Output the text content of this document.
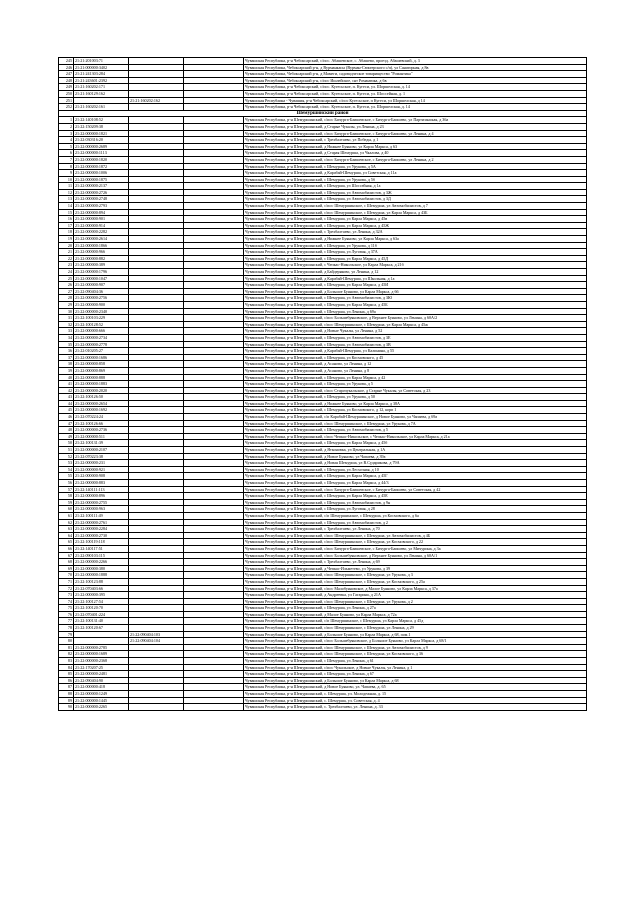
245	21:21:201003:71			Чувашская Республика, р-н Чебоксарский, с/пос. Абашевское, с. Абашево, проезд. Абашевский, д. 3
246	21:21:000000:3402			Чувашская Республика, Чебоксарский р-н, д Вурманкасы (Вурман-Сюктерского с/п), ул Санаторная, д 8в
247	21:21:241303:284			Чувашская Республика, Чебоксарский р-н, д Мамеги, садоводческое товарищество "Романтика"
248	21:21:243601:2392			Чувашская Республика, Чебоксарский р-н, с/пос Ишлейское, снт Романтика, д 6в
249	21:21:160202:171			Чувашская Республика, р-н Чебоксарский, с/пос. Кугесьское, п. Кугеси, ул. Шоршелская, д. 14
250	21:21:160129:162			Чувашская Республика, р-н Чебоксарский, с/пос. Кугесьское, п. Кугеси, ул. Шоссейная, д. 1
251		21:21:160202:162		Чувашская Республика - Чувашия, р-н Чебоксарский, с/пос Кугесьское, п Кугеси, ул Шоршелская, д 14
252	21:21:160202:161			Чувашская Республика, р-н Чебоксарский, с/пос. Кугесьское, п. Кугеси, ул. Шоршелская, д. 14
Шемуршинский район				
1	21:22:140108:52			Чувашская Республика, р-н Шемуршинский, с/пос Бичурга-Баишевское, с Бичурга-Баишево, ул Партизанская, д 36а
2	21:22:150209:38			Чувашская Республика, р-н Шемуршинский, д Старые Чукалы, ул Ленина, д 23
3	21:22:000000:1821			Чувашская Республика, р-н Шемуршинский, с/пос Бичурга-Баишевское, с Бичурга-Баишево, ул Ленина, д 4
4	21:22:030316:20			Чувашская Республика, р-н Шемуршинский, с Трехбалтаево, ул Победы, д 1
5	21:22:000000:2689			Чувашская Республика, р-н Шемуршинский, д Нижнее Буяново, ул Карла Маркса, д 63
6	21:22:000000:1113			Чувашская Республика, р-н Шемуршинский, д Старая Шемурша, ул Чкалова, д 40
7	21:22:000000:1820			Чувашская Республика, р-н Шемуршинский, с/пос Бичурга-Баишевское, с Бичурга-Баишево, ул Ленина, д 2
8	21:22:000000:1872			Чувашская Республика, р-н Шемуршинский, с Шемурша, ул Урукова, д 5А
9	21:22:000000:1006			Чувашская Республика, р-н Шемуршинский, д Карабай-Шемурша, ул Советская, д 11а
10	21:22:000000:1875			Чувашская Республика, р-н Шемуршинский, с Шемурша, ул Урукова, д 5б
11	21:22:000000:2137			Чувашская Республика, р-н Шемуршинский, с Шемурша, ул Шоссейная, д 1а
12	21:22:000000:2726			Чувашская Республика, р-н Шемуршинский, с Шемурша, ул Автомобилистов, д 3Ж
13	21:22:000000:2748			Чувашская Республика, р-н Шемуршинский, с Шемурша, ул Автомобилистов, д 3Д
14	21:22:000000:2793			Чувашская Республика, р-н Шемуршинский, с/пос Шемуршинское, с Шемурша, ул Автомобилистов, д 7
15	21:22:000000:894			Чувашская Республика, р-н Шемуршинский, с/пос Шемуршинское, с Шемурша, ул Карла Маркса, д 43Б
16	21:22:000000:901			Чувашская Республика, р-н Шемуршинский, с Шемурша, ул Карла Маркса, д 45в
17	21:22:000000:914			Чувашская Республика, р-н Шемуршинский, с Шемурша, ул Карла Маркса, д 45Ж
18	21:22:000000:2282			Чувашская Республика, р-н Шемуршинский, с Трехбалтаево, ул Ленина, д 32А
19	21:22:000000:2614			Чувашская Республика, р-н Шемуршинский, д Нижнее Буяново, ул Карла Маркса, д 63а
20	21:22:000000:1866			Чувашская Республика, р-н Шемуршинский, с Шемурша, ул Урукова, д 11б
21	21:22:000000:966			Чувашская Республика, р-н Шемуршинский, с Шемурша, ул Луговая, д 37А
22	21:22:000000:882			Чувашская Республика, р-н Шемуршинский, с Шемурша, ул Карла Маркса, д 45Д
23	21:22:000000:389			Чувашская Республика, р-н Шемуршинский, с Чепкас-Никольское, ул Карла Маркса, д 21б
24	21:22:000000:1796			Чувашская Республика, р-н Шемуршинский, д Байдеряково, ул Ленина, д 12
25	21:22:000000:1047			Чувашская Республика, р-н Шемуршинский, д Карабай-Шемурша, ул Школьная, д 1а
26	21:22:000000:907			Чувашская Республика, р-н Шемуршинский, с Шемурша, ул Карла Маркса, д 45И
27	21:22:090404:36			Чувашская Республика, р-н Шемуршинский, д Большое Буяново, ул Карла Маркса, д 66
28	21:22:000000:2756			Чувашская Республика, р-н Шемуршинский, с Шемурша, ул Автомобилистов, д 3Ю
29	21:22:000000:900			Чувашская Республика, р-н Шемуршинский, с Шемурша, ул Карла Маркса, д 45Б
30	21:22:000000:2340			Чувашская Республика, р-н Шемуршинский, с Шемурша, ул Ленина, д 69а
31	21:22:100103:229			Чувашская Республика, р-н Шемуршинский, с/пос Большебуяновское, д Верхнее Буяново, ул Ленина, д 60А/2
32	21:22:100128:52			Чувашская Республика, р-н Шемуршинский, с/пос Шемуршинское, с Шемурша, ул Карла Маркса, д 45ж
33	21:22:000000:666			Чувашская Республика, р-н Шемуршинский, д Новые Чукалы, ул Ленина, д 52
34	21:22:000000:2734			Чувашская Республика, р-н Шемуршинский, с Шемурша, ул Автомобилистов, д 3Е
35	21:22:000000:2778			Чувашская Республика, р-н Шемуршинский, с Шемурша, ул Автомобилистов, д 3В
36	21:22:010205:27			Чувашская Республика, р-н Шемуршинский, д Карабай-Шемурша, ул Калинина, д 55
37	21:22:000000:1686			Чувашская Республика, р-н Шемуршинский, с Шемурша, ул Космовского, д 45
38	21:22:000000:858			Чувашская Республика, р-н Шемуршинский, д Асаново, ул Ленина, д 12
39	21:22:000000:869			Чувашская Республика, р-н Шемуршинский, д Асаново, ул Ленина, д 8
40	21:22:000000:888			Чувашская Республика, р-н Шемуршинский, с Шемурша, ул Карла Маркса, д 42
41	21:22:000000:1883			Чувашская Республика, р-н Шемуршинский, с Шемурша, ул Урукова, д 5
42	21:22:000000:2020			Чувашская Республика, р-н Шемуршинский, с/пос Старочукальское, д Старые Чукалы, ул Советская, д 23
43	21:22:100126:50			Чувашская Республика, р-н Шемуршинский, с Шемурша, ул Урукова, д 50
44	21:22:000000:2654			Чувашская Республика, р-н Шемуршинский, д Нижнее Буяново, ул Карла Маркса, д 38А
45	21:22:000000:1692			Чувашская Республика, р-н Шемуршинский, с Шемурша, ул Космовского, д 12, корп 1
46	21:22:070224:24			Чувашская Республика, р-н Шемуршинский, с/п Карабай-Шемуршинское, д Новое Буяново, ул Чапаева, д 69а
47	21:22:100126:66			Чувашская Республика, р-н Шемуршинский, с/пос Шемуршинское, с Шемурша, ул Урукова, д 7А
48	21:22:000000:2736			Чувашская Республика, р-н Шемуршинский, с Шемурша, ул Автомобилистов, д 5
49	21:22:000000:511			Чувашская Республика, р-н Шемуршинский, с/пос Чепкас-Никольское, с Чепкас-Никольское, ул Карла Маркса, д 21а
50	21:22:100131:39			Чувашская Республика, р-н Шемуршинский, с Шемурша, ул Карла Маркса, д 45б
51	21:22:000000:2107			Чувашская Республика, р-н Шемуршинский, д Ятконовка, ул Центральная, д 1А
52	21:22:070223:38			Чувашская Республика, р-н Шемуршинский, д Новое Буяново, ул Чапаева, д 39а
53	21:22:000000:231			Чувашская Республика, р-н Шемуршинский, д Новая Шемурша, ул В.Сударикова, д 79А
54	21:22:000000:921			Чувашская Республика, р-н Шемуршинский, с Шемурша, ул Лесхозная, д 10
55	21:22:000000:908			Чувашская Республика, р-н Шемуршинский, с Шемурша, ул Карла Маркса, д 45Г
56	21:22:000000:883			Чувашская Республика, р-н Шемуршинский, с Шемурша, ул Карла Маркса, д 44/3
57	21:22:140111:113			Чувашская Республика, р-н Шемуршинский, с/пос Бичурга-Баишевское, с Бичурга-Баишево, ул Советская, д 42
58	21:22:000000:896			Чувашская Республика, р-н Шемуршинский, с Шемурша, ул Карла Маркса, д 45Е
59	21:22:000000:2755			Чувашская Республика, р-н Шемуршинский, с Шемурша, ул Автомобилистов, д 9н
60	21:22:000000:963			Чувашская Республика, р-н Шемуршинский, с Шемурша, ул Луговая, д 28
61	21:22:100111:49			Чувашская Республика, р-н Шемуршинский, с/п Шемуршинское, с Шемурша, ул Космовского, д 6а
62	21:22:000000:2761			Чувашская Республика, р-н Шемуршинский, с Шемурша, ул Автомобилистов, д 2
63	21:22:000000:2284			Чувашская Республика, р-н Шемуршинский, с Трехбалтаево, ул Ленина, д 70
64	21:22:000000:2730			Чувашская Республика, р-н Шемуршинский, с/пос Шемуршинское, с Шемурша, ул Автомобилистов, д 4Б
65	21:22:100119:118			Чувашская Республика, р-н Шемуршинский, с/пос Шемуршинское, с Шемурша, ул Космовского, д 22
66	21:22:140117:51			Чувашская Республика, р-н Шемуршинский, с/пос Бичурга-Баишевское, с Бичурга-Баишево, ул Мичурина, д 3а
67	21:22:090103:115			Чувашская Республика, р-н Шемуршинский, с/пос Большебуяновское, д Верхнее Буяново, ул Ленина, д 60А/1
68	21:22:000000:2266			Чувашская Республика, р-н Шемуршинский, с Трехбалтаево, ул Ленина, д 69
69	21:22:000000:380			Чувашская Республика, р-н Шемуршинский, д Чепкас-Ильметево, ул Урукова, д 39
70	21:22:000000:1888			Чувашская Республика, р-н Шемуршинский, с/пос Шемуршинское, с Шемурша, ул Урукова, д 3
71	21:22:100123:88			Чувашская Республика, р-н Шемуршинский, с/пос Шемуршинское, с Шемурша, ул Космовского, д 25а
72	21:22:070403:66			Чувашская Республика, р-н Шемуршинский, с/пос Малобуяновское, д Малое Буяново, ул Карла Маркса, д 37а
73	21:22:000000:395			Чувашская Республика, р-н Шемуршинский, д Андреевка, ул Гагарина, д 21А
74	21:22:100127:54			Чувашская Республика, р-н Шемуршинский, с/пос Шемуршинское, с Шемурша, ул Урукова, д 2
75	21:22:100120:70			Чувашская Республика, р-н Шемуршинский, с Шемурша, ул Ленина, д 27а
76	21:22:070401:224			Чувашская Республика, р-н Шемуршинский, д Малое Буяново, ул Карла Маркса, д 72а
77	21:22:100131:40			Чувашская Республика, р-н Шемуршинский, с/п Шемуршинское, с Шемурша, ул Карла Маркса, д 45д
78	21:22:100120:67			Чувашская Республика, р-н Шемуршинский, с/пос Шемуршинское, с Шемурша, ул Ленина, д 29
79		21:22:090404:103		Чувашская Республика, р-н Шемуршинский, д Большое Буяново, ул Карла Маркса, д 68, пом.1
80		21:22:090404:104		Чувашская Республика, р-н Шемуршинский, с/пос Большебуяновское, д Большое Буяново, ул Карла Маркса, д 68/1
81	21:22:000000:2785			Чувашская Республика, р-н Шемуршинский, с/пос Шемуршинское, с Шемурша, ул Автомобилистов, д 9
82	21:22:000000:1689			Чувашская Республика, р-н Шемуршинский, с/пос Шемуршинское, с Шемурша, ул Космовского, д 36
83	21:22:000000:2368			Чувашская Республика, р-н Шемуршинский, с Шемурша, ул Ленина, д 61
84	21:22:170207:25			Чувашская Республика, р-н Шемуршинский, с/пос Чукальское, д Новые Чукалы, ул Ленина, д 1
85	21:22:000000:2481			Чувашская Республика, р-н Шемуршинский, с Шемурша, ул Ленина, д 67
86	21:22:090404:90			Чувашская Республика, р-н Шемуршинский, д Большое Буяново, ул Карла Маркса, д 68
87	21:22:000000:418			Чувашская Республика, р-н Шемуршинский, д Новое Буяново, ул. Чапаева, д. 65
88	21:22:000000:1249			Чувашская Республика, р-н Шемуршинский, с. Шемурша, ул. Молодежная, д. 15
89	21:22:000000:1445			Чувашская Республика, р-н Шемуршинский, с. Шемурша, ул. Советская, д. 4
90	21:22:000000:2265			Чувашская Республика, р-н Шемуршинский, с. Трехбалтаево, ул. Ленина, д. 33
